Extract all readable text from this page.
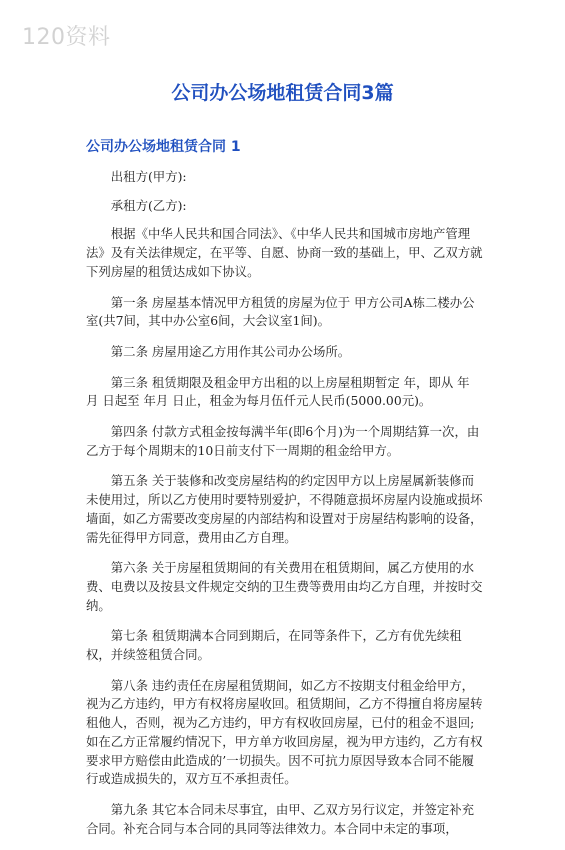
120资料
公司办公场地租赁合同3篇
公司办公场地租赁合同 1

出租方(甲方):

承租方(乙方):

根据《中华人民共和国合同法》、《中华人民共和国城市房地产管理法》及有关法律规定，在平等、自愿、协商一致的基础上，甲、乙双方就下列房屋的租赁达成如下协议。

第一条 房屋基本情况甲方租赁的房屋为位于 甲方公司A栋二楼办公室(共7间，其中办公室6间，大会议室1间)。

第二条 房屋用途乙方用作其公司办公场所。

第三条 租赁期限及租金甲方出租的以上房屋租期暂定 年，即从 年 月 日起至 年月 日止，租金为每月伍仟元人民币(5000.00元)。

第四条 付款方式租金按每满半年(即6个月)为一个周期结算一次，由乙方于每个周期末的10日前支付下一周期的租金给甲方。

第五条 关于装修和改变房屋结构的约定因甲方以上房屋属新装修而未使用过，所以乙方使用时要特别爱护，不得随意损坏房屋内设施或损坏墙面，如乙方需要改变房屋的内部结构和设置对于房屋结构影响的设备，需先征得甲方同意，费用由乙方自理。

第六条 关于房屋租赁期间的有关费用在租赁期间，属乙方使用的水费、电费以及按县文件规定交纳的卫生费等费用由均乙方自理，并按时交纳。

第七条 租赁期满本合同到期后，在同等条件下，乙方有优先续租权，并续签租赁合同。

第八条 违约责任在房屋租赁期间，如乙方不按期支付租金给甲方，视为乙方违约，甲方有权将房屋收回。租赁期间，乙方不得擅自将房屋转租他人，否则，视为乙方违约，甲方有权收回房屋，已付的租金不退回;如在乙方正常履约情况下，甲方单方收回房屋，视为甲方违约，乙方有权要求甲方赔偿由此造成的’一切损失。因不可抗力原因导致本合同不能履行或造成损失的，双方互不承担责任。

第九条 其它本合同未尽事宜，由甲、乙双方另行议定，并签定补充合同。补充合同与本合同的具同等法律效力。本合同中未定的事项，
